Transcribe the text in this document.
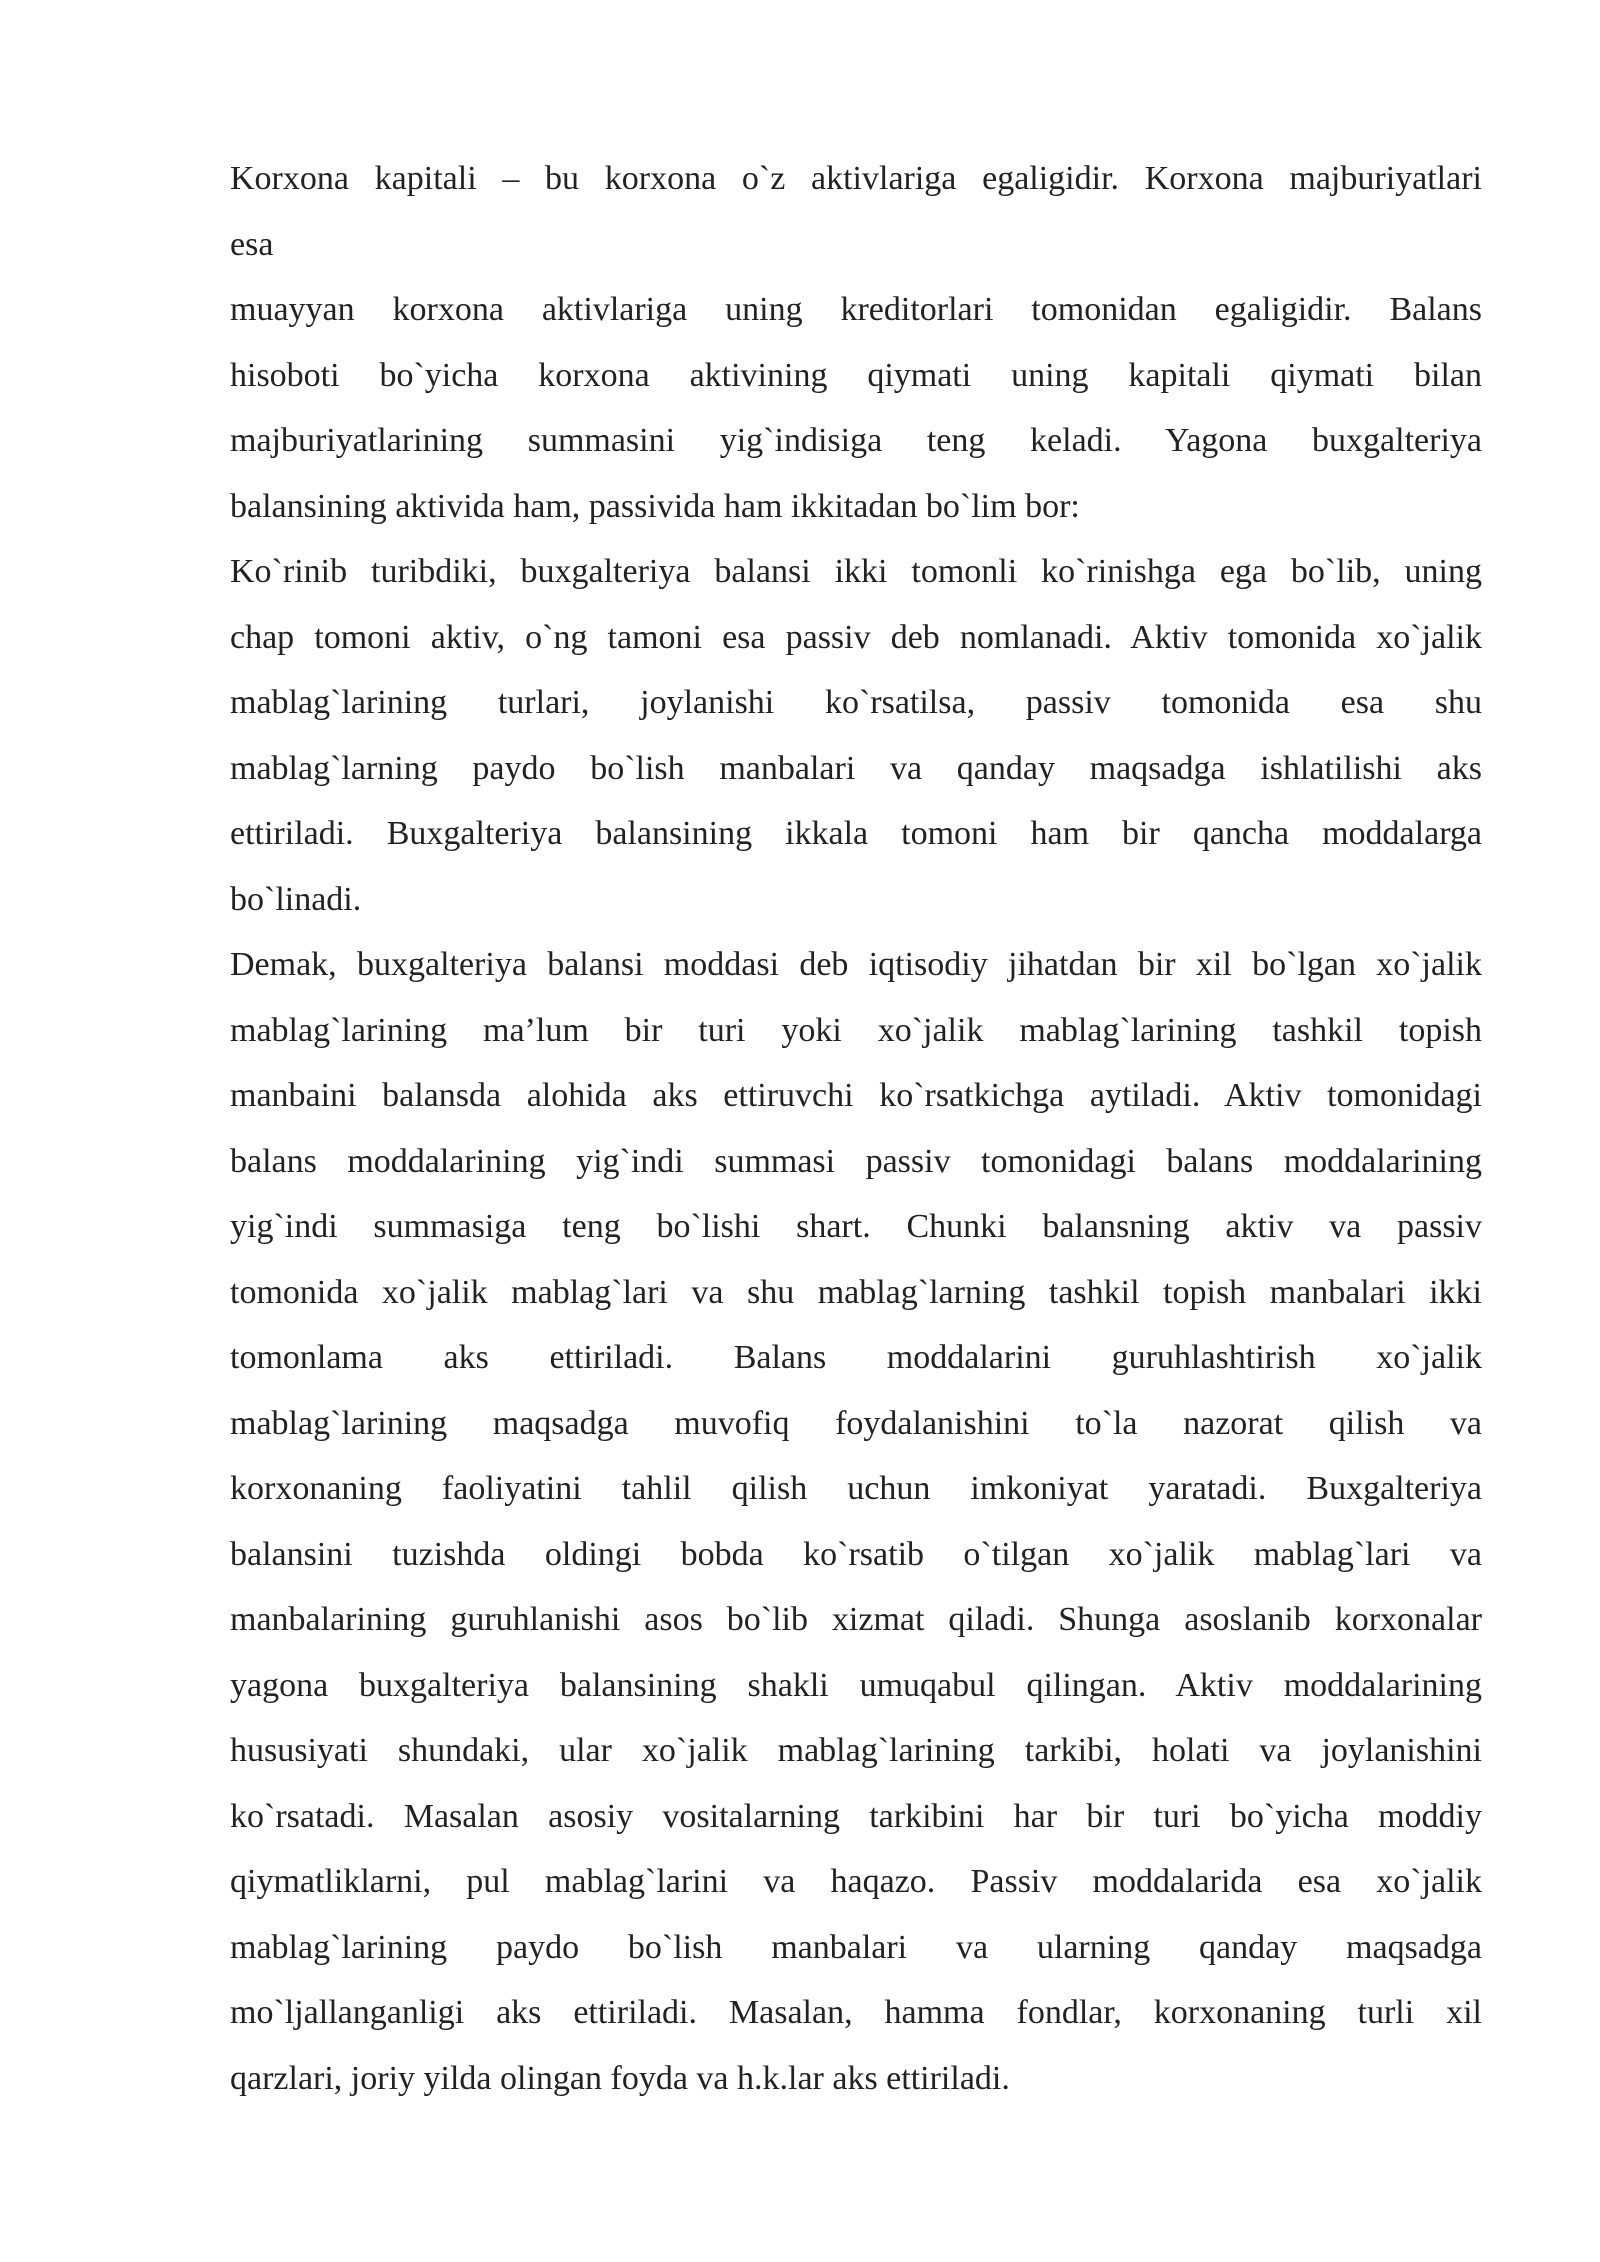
Korxona kapitali – bu korxona o`z aktivlariga egaligidir. Korxona majburiyatlari
esa
muayyan korxona aktivlariga uning kreditorlari tomonidan egaligidir. Balans
hisoboti bo`yicha korxona aktivining qiymati uning kapitali qiymati bilan
majburiyatlarining summasini yig`indisiga teng keladi. Yagona buxgalteriya
balansining aktivida ham, passivida ham ikkitadan bo`lim bor:
Ko`rinib turibdiki, buxgalteriya balansi ikki tomonli ko`rinishga ega bo`lib, uning
chap tomoni aktiv, o`ng tamoni esa passiv deb nomlanadi. Aktiv tomonida xo`jalik
mablag`larining turlari, joylanishi ko`rsatilsa, passiv tomonida esa shu
mablag`larning paydo bo`lish manbalari va qanday maqsadga ishlatilishi aks
ettiriladi. Buxgalteriya balansining ikkala tomoni ham bir qancha moddalarga
bo`linadi.
Demak, buxgalteriya balansi moddasi deb iqtisodiy jihatdan bir xil bo`lgan xo`jalik
mablag`larining ma’lum bir turi yoki xo`jalik mablag`larining tashkil topish
manbaini balansda alohida aks ettiruvchi ko`rsatkichga aytiladi. Aktiv tomonidagi
balans moddalarining yig`indi summasi passiv tomonidagi balans moddalarining
yig`indi summasiga teng bo`lishi shart. Chunki balansning aktiv va passiv
tomonida xo`jalik mablag`lari va shu mablag`larning tashkil topish manbalari ikki
tomonlama aks ettiriladi. Balans moddalarini guruhlashtirish xo`jalik
mablag`larining maqsadga muvofiq foydalanishini to`la nazorat qilish va
korxonaning faoliyatini tahlil qilish uchun imkoniyat yaratadi. Buxgalteriya
balansini tuzishda oldingi bobda ko`rsatib o`tilgan xo`jalik mablag`lari va
manbalarining guruhlanishi asos bo`lib xizmat qiladi. Shunga asoslanib korxonalar
yagona buxgalteriya balansining shakli umuqabul qilingan. Aktiv moddalarining
hususiyati shundaki, ular xo`jalik mablag`larining tarkibi, holati va joylanishini
ko`rsatadi. Masalan asosiy vositalarning tarkibini har bir turi bo`yicha moddiy
qiymatliklarni, pul mablag`larini va haqazo. Passiv moddalarida esa xo`jalik
mablag`larining paydo bo`lish manbalari va ularning qanday maqsadga
mo`ljallanganligi aks ettiriladi. Masalan, hamma fondlar, korxonaning turli xil
qarzlari, joriy yilda olingan foyda va h.k.lar aks ettiriladi.
